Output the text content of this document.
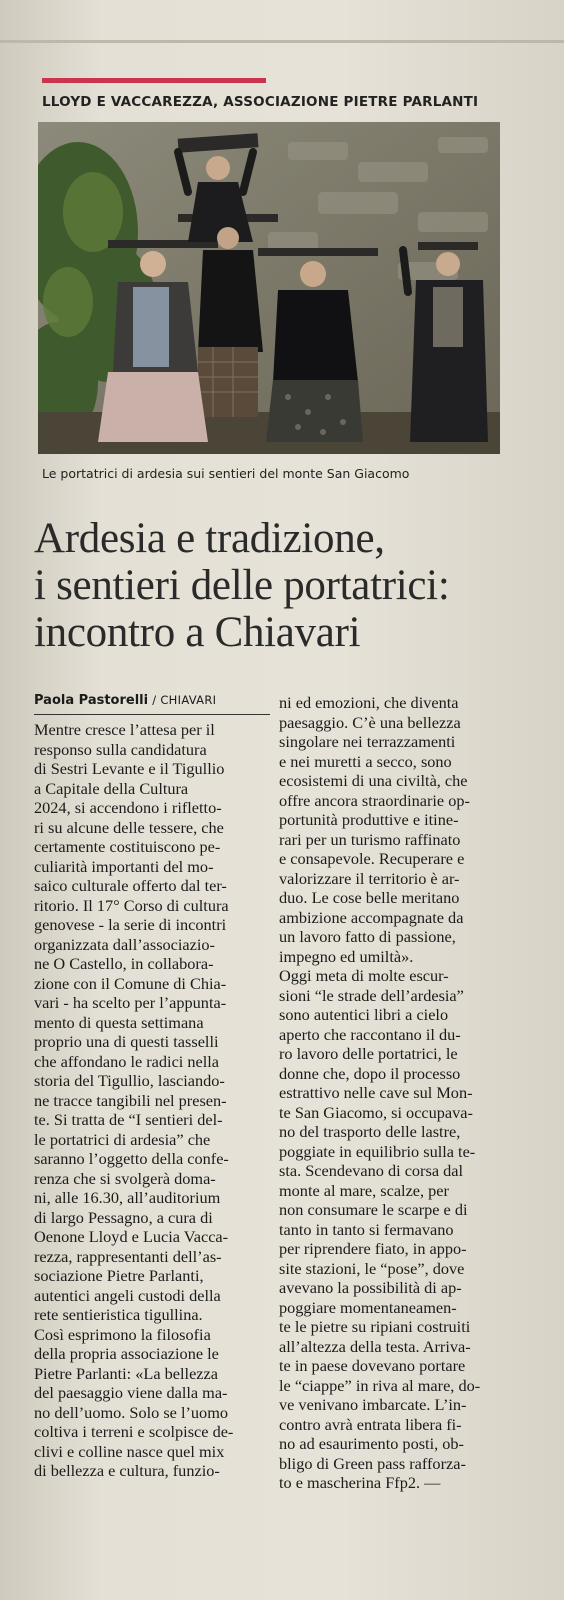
LLOYD E VACCAREZZA, ASSOCIAZIONE PIETRE PARLANTI
Le portatrici di ardesia sui sentieri del monte San Giacomo
Ardesia e tradizione,
i sentieri delle portatrici:
incontro a Chiavari
Paola Pastorelli / CHIAVARI
Mentre cresce l’attesa per il
responso sulla candidatura
di Sestri Levante e il Tigullio
a Capitale della Cultura
2024, si accendono i rifletto-
ri su alcune delle tessere, che
certamente costituiscono pe-
culiarità importanti del mo-
saico culturale offerto dal ter-
ritorio. Il 17° Corso di cultura
genovese - la serie di incontri
organizzata dall’associazio-
ne O Castello, in collabora-
zione con il Comune di Chia-
vari - ha scelto per l’appunta-
mento di questa settimana
proprio una di questi tasselli
che affondano le radici nella
storia del Tigullio, lasciando-
ne tracce tangibili nel presen-
te. Si tratta de “I sentieri del-
le portatrici di ardesia” che
saranno l’oggetto della confe-
renza che si svolgerà doma-
ni, alle 16.30, all’auditorium
di largo Pessagno, a cura di
Oenone Lloyd e Lucia Vacca-
rezza, rappresentanti dell’as-
sociazione Pietre Parlanti,
autentici angeli custodi della
rete sentieristica tigullina.
Così esprimono la filosofia
della propria associazione le
Pietre Parlanti: «La bellezza
del paesaggio viene dalla ma-
no dell’uomo. Solo se l’uomo
coltiva i terreni e scolpisce de-
clivi e colline nasce quel mix
di bellezza e cultura, funzio-
ni ed emozioni, che diventa
paesaggio. C’è una bellezza
singolare nei terrazzamenti
e nei muretti a secco, sono
ecosistemi di una civiltà, che
offre ancora straordinarie op-
portunità produttive e itine-
rari per un turismo raffinato
e consapevole. Recuperare e
valorizzare il territorio è ar-
duo. Le cose belle meritano
ambizione accompagnate da
un lavoro fatto di passione,
impegno ed umiltà».
Oggi meta di molte escur-
sioni “le strade dell’ardesia”
sono autentici libri a cielo
aperto che raccontano il du-
ro lavoro delle portatrici, le
donne che, dopo il processo
estrattivo nelle cave sul Mon-
te San Giacomo, si occupava-
no del trasporto delle lastre,
poggiate in equilibrio sulla te-
sta. Scendevano di corsa dal
monte al mare, scalze, per
non consumare le scarpe e di
tanto in tanto si fermavano
per riprendere fiato, in appo-
site stazioni, le “pose”, dove
avevano la possibilità di ap-
poggiare momentaneamen-
te le pietre su ripiani costruiti
all’altezza della testa. Arriva-
te in paese dovevano portare
le “ciappe” in riva al mare, do-
ve venivano imbarcate. L’in-
contro avrà entrata libera fi-
no ad esaurimento posti, ob-
bligo di Green pass rafforza-
to e mascherina Ffp2. —
